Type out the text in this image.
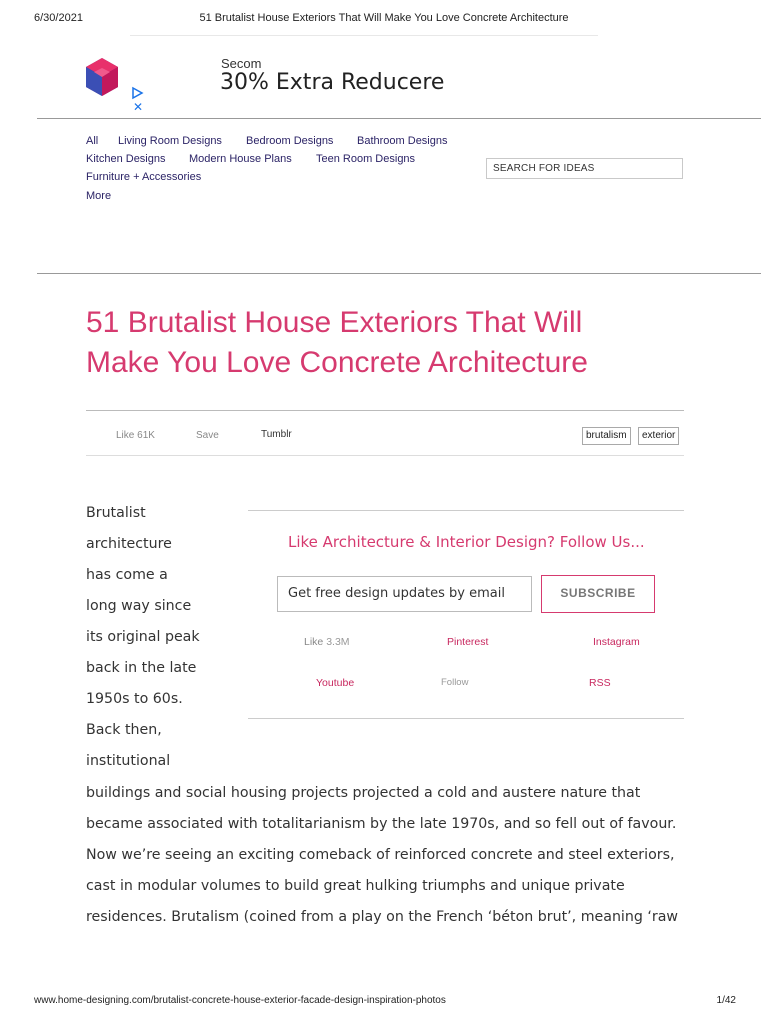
6/30/2021	51 Brutalist House Exteriors That Will Make You Love Concrete Architecture
Secom
30% Extra Reducere
✕
All Living Room Designs Bedroom Designs Bathroom Designs
Kitchen Designs Modern House Plans Teen Room Designs
Furniture + Accessories
More
SEARCH FOR IDEAS
51 Brutalist House Exteriors That Will
Make You Love Concrete Architecture
Like 61K	Save	Tumblr	brutalism	exterior
Brutalist
architecture
has come a
long way since
its original peak
back in the late
1950s to 60s.
Back then,
institutional
Like Architecture & Interior Design? Follow Us...
Get free design updates by email	SUBSCRIBE
Like 3.3M	Pinterest	Instagram
Youtube	Follow	RSS
buildings and social housing projects projected a cold and austere nature that
became associated with totalitarianism by the late 1970s, and so fell out of favour.
Now we’re seeing an exciting comeback of reinforced concrete and steel exteriors,
cast in modular volumes to build great hulking triumphs and unique private
residences. Brutalism (coined from a play on the French ‘béton brut’, meaning ‘raw
www.home-designing.com/brutalist-concrete-house-exterior-facade-design-inspiration-photos	1/42
